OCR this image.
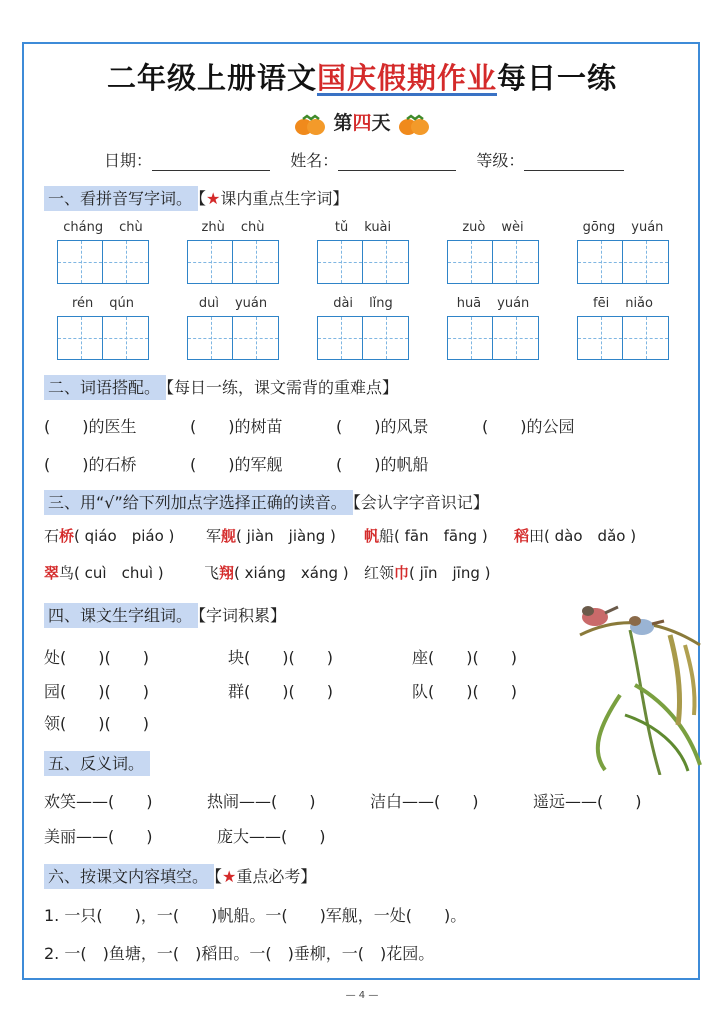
二年级上册语文国庆假期作业每日一练
第四天
日期：	姓名：	等级：
一、看拼音写字词。 【★课内重点生字词】
cháng chù	zhù chù	tǔ kuài	zuò wèi	gōng yuán
rén qún	duì yuán	dài lǐng	huā yuán	fēi niǎo
二、词语搭配。 【每日一练，课文需背的重难点】
(　　)的医生	(　　)的树苗	(　　)的风景	(　　)的公园
(　　)的石桥	(　　)的军舰	(　　)的帆船
三、用“√”给下列加点字选择正确的读音。 【会认字字音识记】
石桥( qiáo　piáo ) 军舰( jiàn　jiàng ) 帆船( fān　fāng ) 稻田( dào　dǎo )
翠鸟( cuì　chuì )	飞翔( xiáng　xáng ) 红领巾( jīn　jīng )
四、课文生字组词。 【字词积累】
处(　　)(　　)	块(　　)(　　)	座(　　)(　　)
园(　　)(　　)	群(　　)(　　)	队(　　)(　　)
领(　　)(　　)
五、反义词。
欢笑——(　　)	热闹——(　　)	洁白——(　　)	遥远——(　　)
美丽——(　　)	庞大——(　　)
六、按课文内容填空。 【★重点必考】
1. 一只(　　)，一(　　)帆船。一(　　)军舰，一处(　　)。
2. 一(　)鱼塘，一(　)稻田。一(　)垂柳，一(　)花园。
— 4 —
